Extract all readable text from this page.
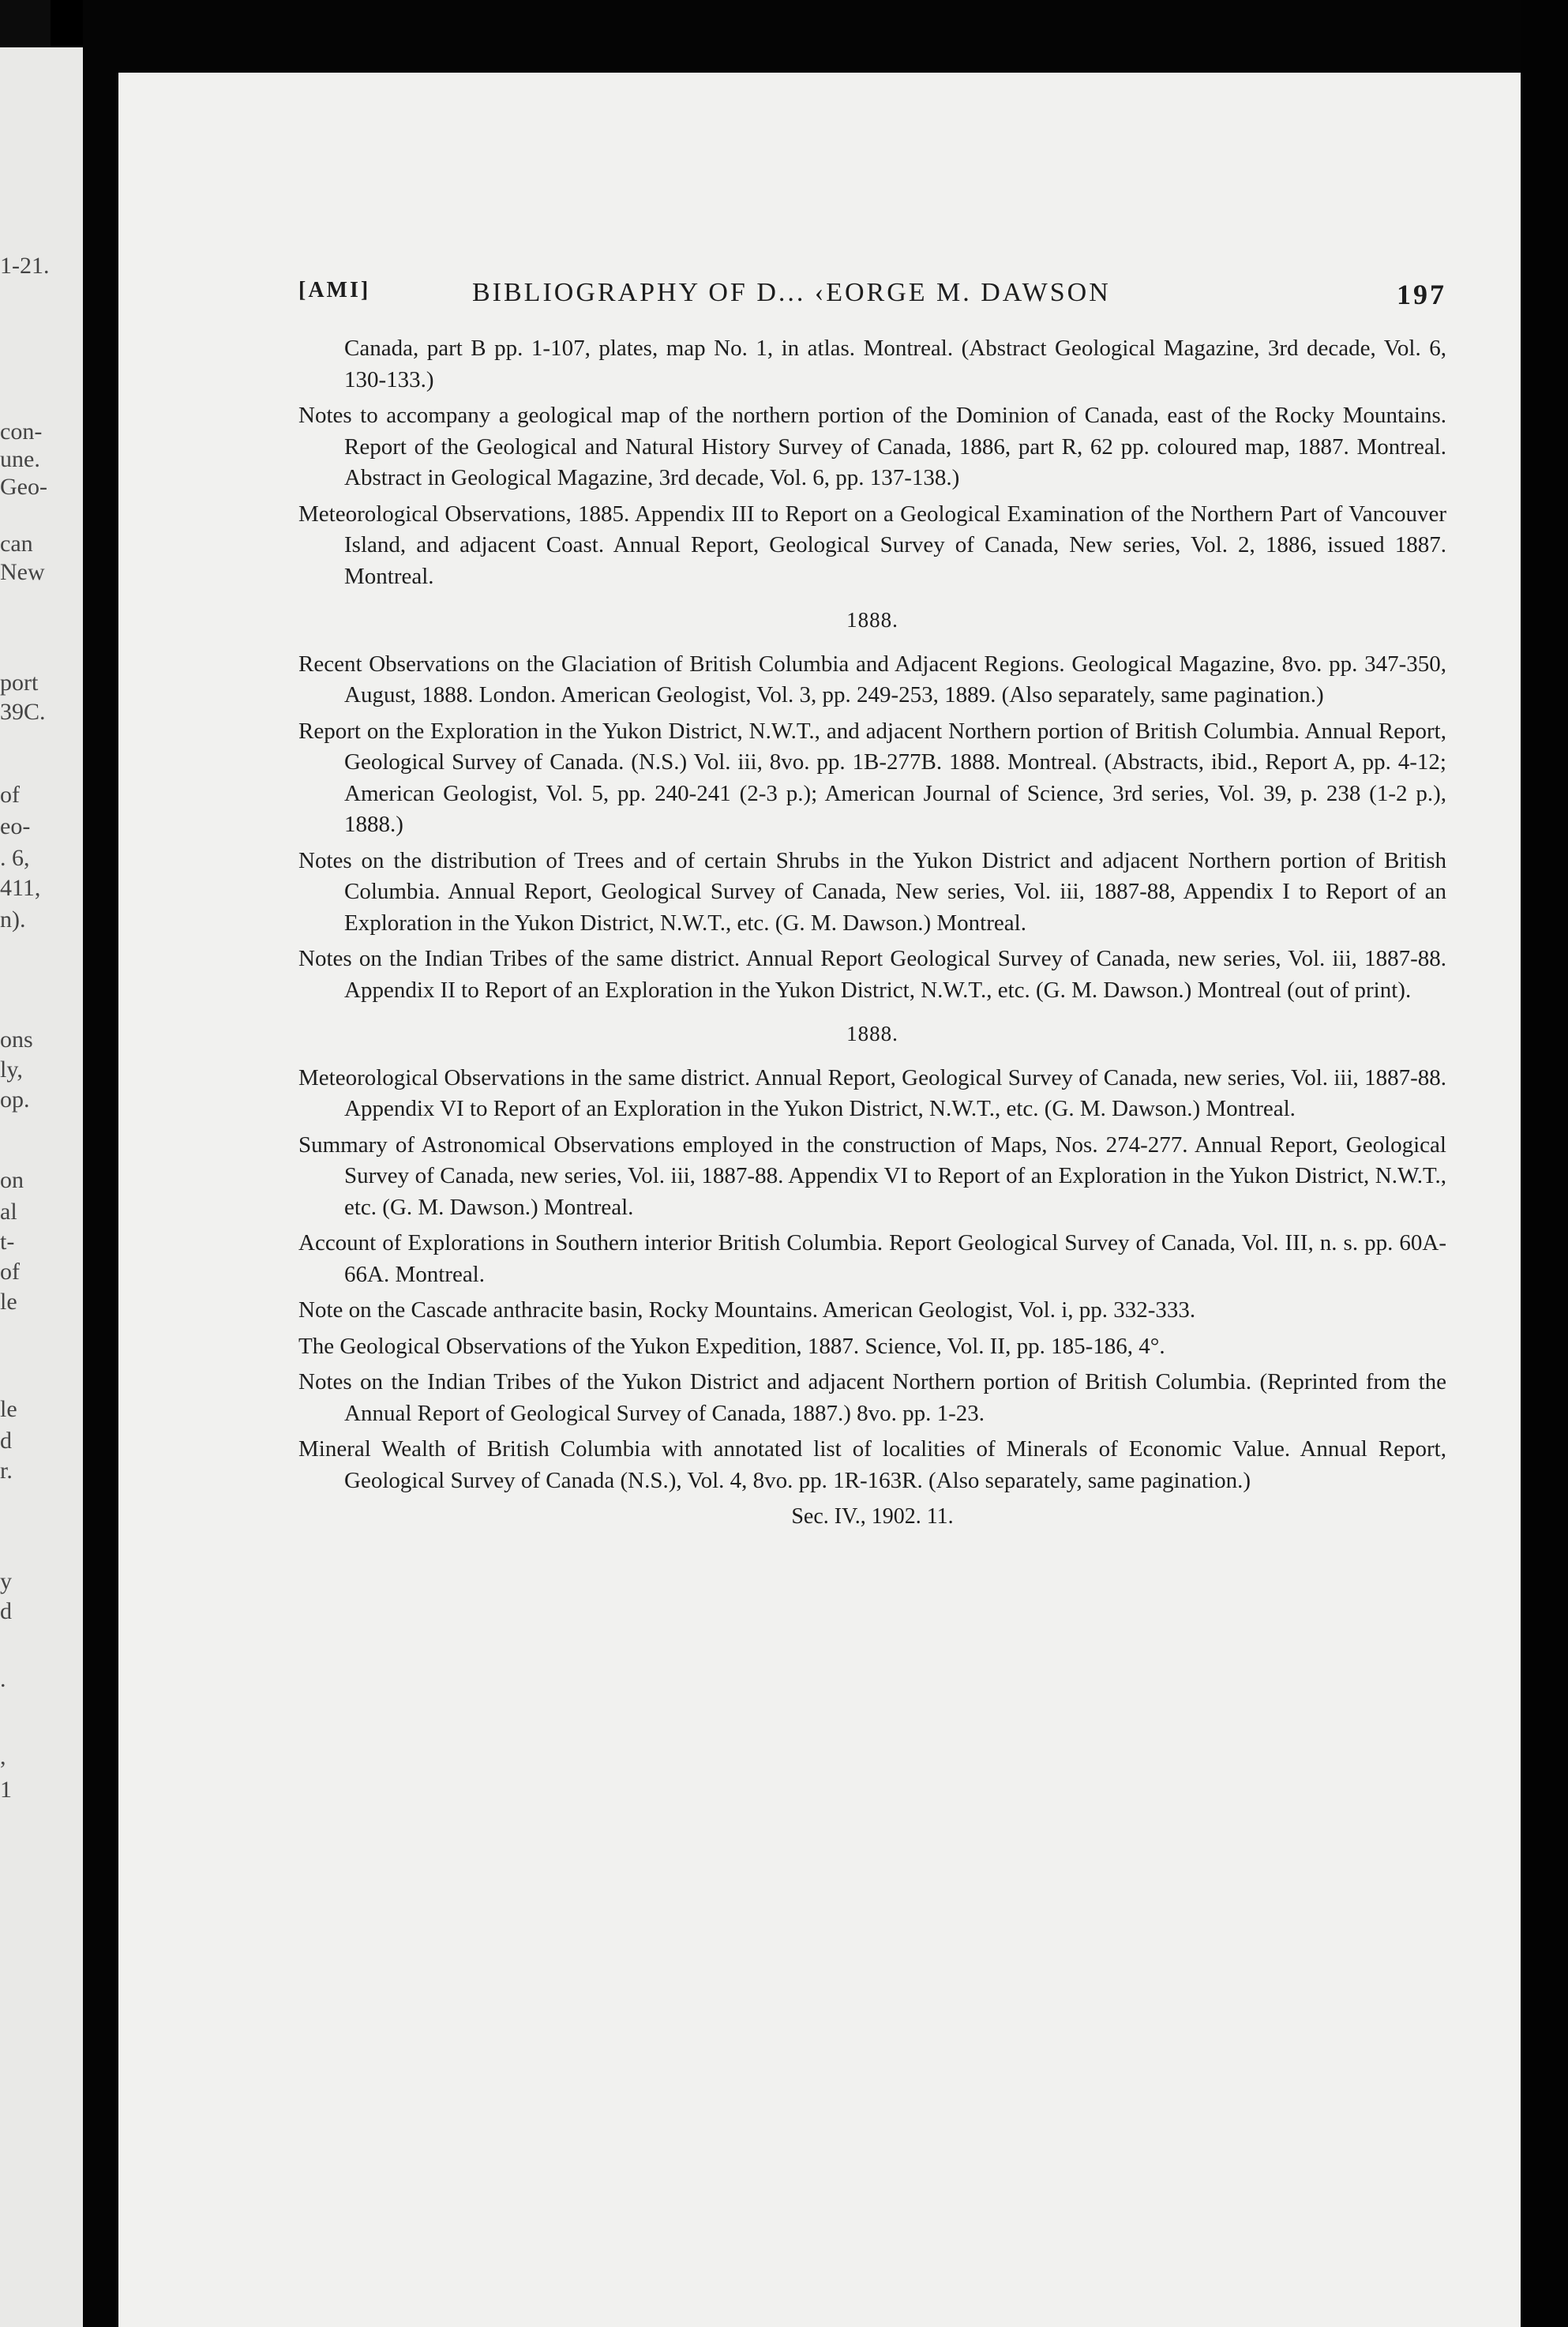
1-21.
con-
une.
Geo-
can
New
port
39C.
of
eo-
. 6,
411,
n).
ons
ly,
op.
on
al
t-
of
le
le
d
r.
y
d
.
,
1
[AMI]	BIBLIOGRAPHY OF D... ‹EORGE M. DAWSON	197

Canada, part B pp. 1-107, plates, map No. 1, in atlas. Montreal. (Abstract Geological Magazine, 3rd decade, Vol. 6, 130-133.)

Notes to accompany a geological map of the northern portion of the Dominion of Canada, east of the Rocky Mountains. Report of the Geological and Natural History Survey of Canada, 1886, part R, 62 pp. coloured map, 1887. Montreal. Abstract in Geological Magazine, 3rd decade, Vol. 6, pp. 137-138.)

Meteorological Observations, 1885. Appendix III to Report on a Geological Examination of the Northern Part of Vancouver Island, and adjacent Coast. Annual Report, Geological Survey of Canada, New series, Vol. 2, 1886, issued 1887. Montreal.

1888.

Recent Observations on the Glaciation of British Columbia and Adjacent Regions. Geological Magazine, 8vo. pp. 347-350, August, 1888. London. American Geologist, Vol. 3, pp. 249-253, 1889. (Also separately, same pagination.)

Report on the Exploration in the Yukon District, N.W.T., and adjacent Northern portion of British Columbia. Annual Report, Geological Survey of Canada. (N.S.) Vol. iii, 8vo. pp. 1B-277B. 1888. Montreal. (Abstracts, ibid., Report A, pp. 4-12; American Geologist, Vol. 5, pp. 240-241 (2-3 p.); American Journal of Science, 3rd series, Vol. 39, p. 238 (1-2 p.), 1888.)

Notes on the distribution of Trees and of certain Shrubs in the Yukon District and adjacent Northern portion of British Columbia. Annual Report, Geological Survey of Canada, New series, Vol. iii, 1887-88, Appendix I to Report of an Exploration in the Yukon District, N.W.T., etc. (G. M. Dawson.) Montreal.

Notes on the Indian Tribes of the same district. Annual Report Geological Survey of Canada, new series, Vol. iii, 1887-88. Appendix II to Report of an Exploration in the Yukon District, N.W.T., etc. (G. M. Dawson.) Montreal (out of print).

1888.

Meteorological Observations in the same district. Annual Report, Geological Survey of Canada, new series, Vol. iii, 1887-88. Appendix VI to Report of an Exploration in the Yukon District, N.W.T., etc. (G. M. Dawson.) Montreal.

Summary of Astronomical Observations employed in the construction of Maps, Nos. 274-277. Annual Report, Geological Survey of Canada, new series, Vol. iii, 1887-88. Appendix VI to Report of an Exploration in the Yukon District, N.W.T., etc. (G. M. Dawson.) Montreal.

Account of Explorations in Southern interior British Columbia. Report Geological Survey of Canada, Vol. III, n. s. pp. 60A-66A. Montreal.

Note on the Cascade anthracite basin, Rocky Mountains. American Geologist, Vol. i, pp. 332-333.

The Geological Observations of the Yukon Expedition, 1887. Science, Vol. II, pp. 185-186, 4°.

Notes on the Indian Tribes of the Yukon District and adjacent Northern portion of British Columbia. (Reprinted from the Annual Report of Geological Survey of Canada, 1887.) 8vo. pp. 1-23.

Mineral Wealth of British Columbia with annotated list of localities of Minerals of Economic Value. Annual Report, Geological Survey of Canada (N.S.), Vol. 4, 8vo. pp. 1R-163R. (Also separately, same pagination.)

Sec. IV., 1902. 11.
